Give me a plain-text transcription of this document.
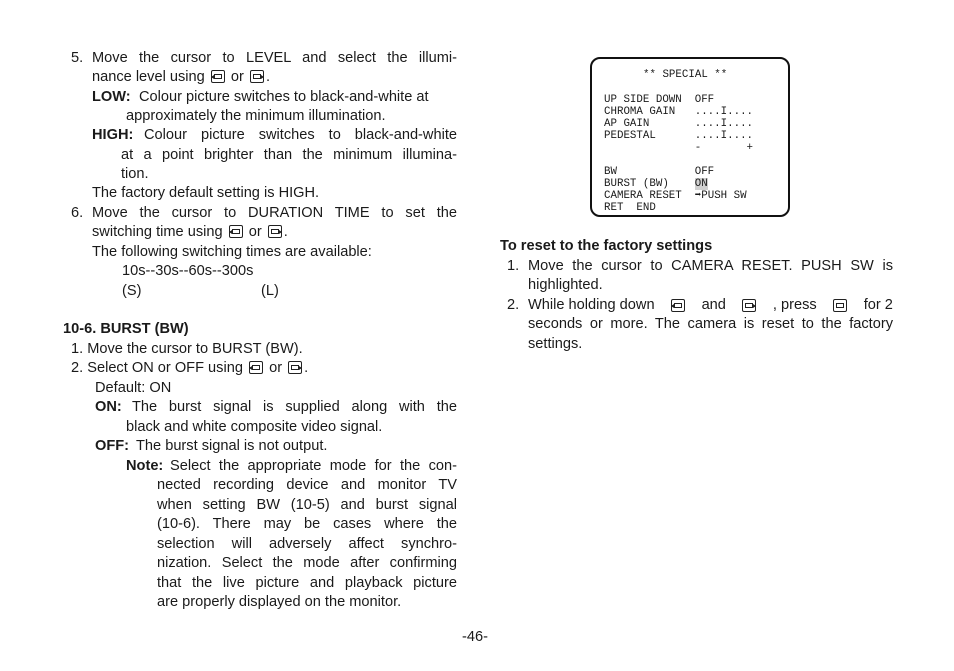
5. Move the cursor to LEVEL and select the illumi-
nance level using or .
LOW: Colour picture switches to black-and-white at
approximately the minimum illumination.
HIGH: Colour picture switches to black-and-white
at a point brighter than the minimum illumina-
tion.
The factory default setting is HIGH.
6. Move the cursor to DURATION TIME to set the
switching time using or .
The following switching times are available:
10s--30s--60s--300s
(S)	(L)
10-6. BURST (BW)
1. Move the cursor to BURST (BW).
2. Select ON or OFF using or .
Default: ON
ON: The burst signal is supplied along with the
black and white composite video signal.
OFF: The burst signal is not output.
Note: Select the appropriate mode for the con-
nected recording device and monitor TV
when setting BW (10-5) and burst signal
(10-6). There may be cases where the
selection will adversely affect synchro-
nization. Select the mode after confirming
that the live picture and playback picture
are properly displayed on the monitor.
** SPECIAL **
UP SIDE DOWN  OFF
CHROMA GAIN   ....I....
AP GAIN       ....I....
PEDESTAL      ....I....
-       +
BW            OFF
BURST (BW)    ON
CAMERA RESET  ➡PUSH SW
RET  END
To reset to the factory settings
1. Move the cursor to CAMERA RESET. PUSH SW is
highlighted.
2. While holding down	and	, press	for 2
seconds or more. The camera is reset to the factory
settings.
-46-
